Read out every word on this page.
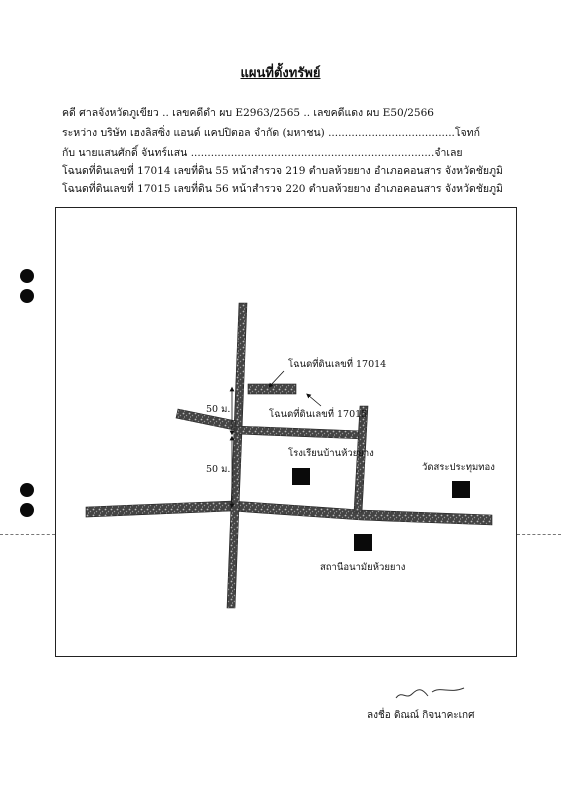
แผนที่ตั้งทรัพย์
คดี ศาลจังหวัดภูเขียว .. เลขคดีดำ ผบ E2963/2565 .. เลขคดีแดง ผบ E50/2566
ระหว่าง บริษัท เฮงลิสซิ่ง แอนด์ แคปปิตอล จำกัด (มหาชน) ......................................โจทก์
กับ นายแสนศักดิ์ จันทร์แสน .........................................................................จำเลย
โฉนดที่ดินเลขที่ 17014 เลขที่ดิน 55 หน้าสำรวจ 219 ตำบลห้วยยาง อำเภอคอนสาร จังหวัดชัยภูมิ
โฉนดที่ดินเลขที่ 17015 เลขที่ดิน 56 หน้าสำรวจ 220 ตำบลห้วยยาง อำเภอคอนสาร จังหวัดชัยภูมิ
โฉนดที่ดินเลขที่ 17014
โฉนดที่ดินเลขที่ 17015
โรงเรียนบ้านห้วยยาง
วัดสระประทุมทอง
สถานีอนามัยห้วยยาง
50 ม.
50 ม.
ลงชื่อ ดิณณ์ กิจนาคะเกศ
